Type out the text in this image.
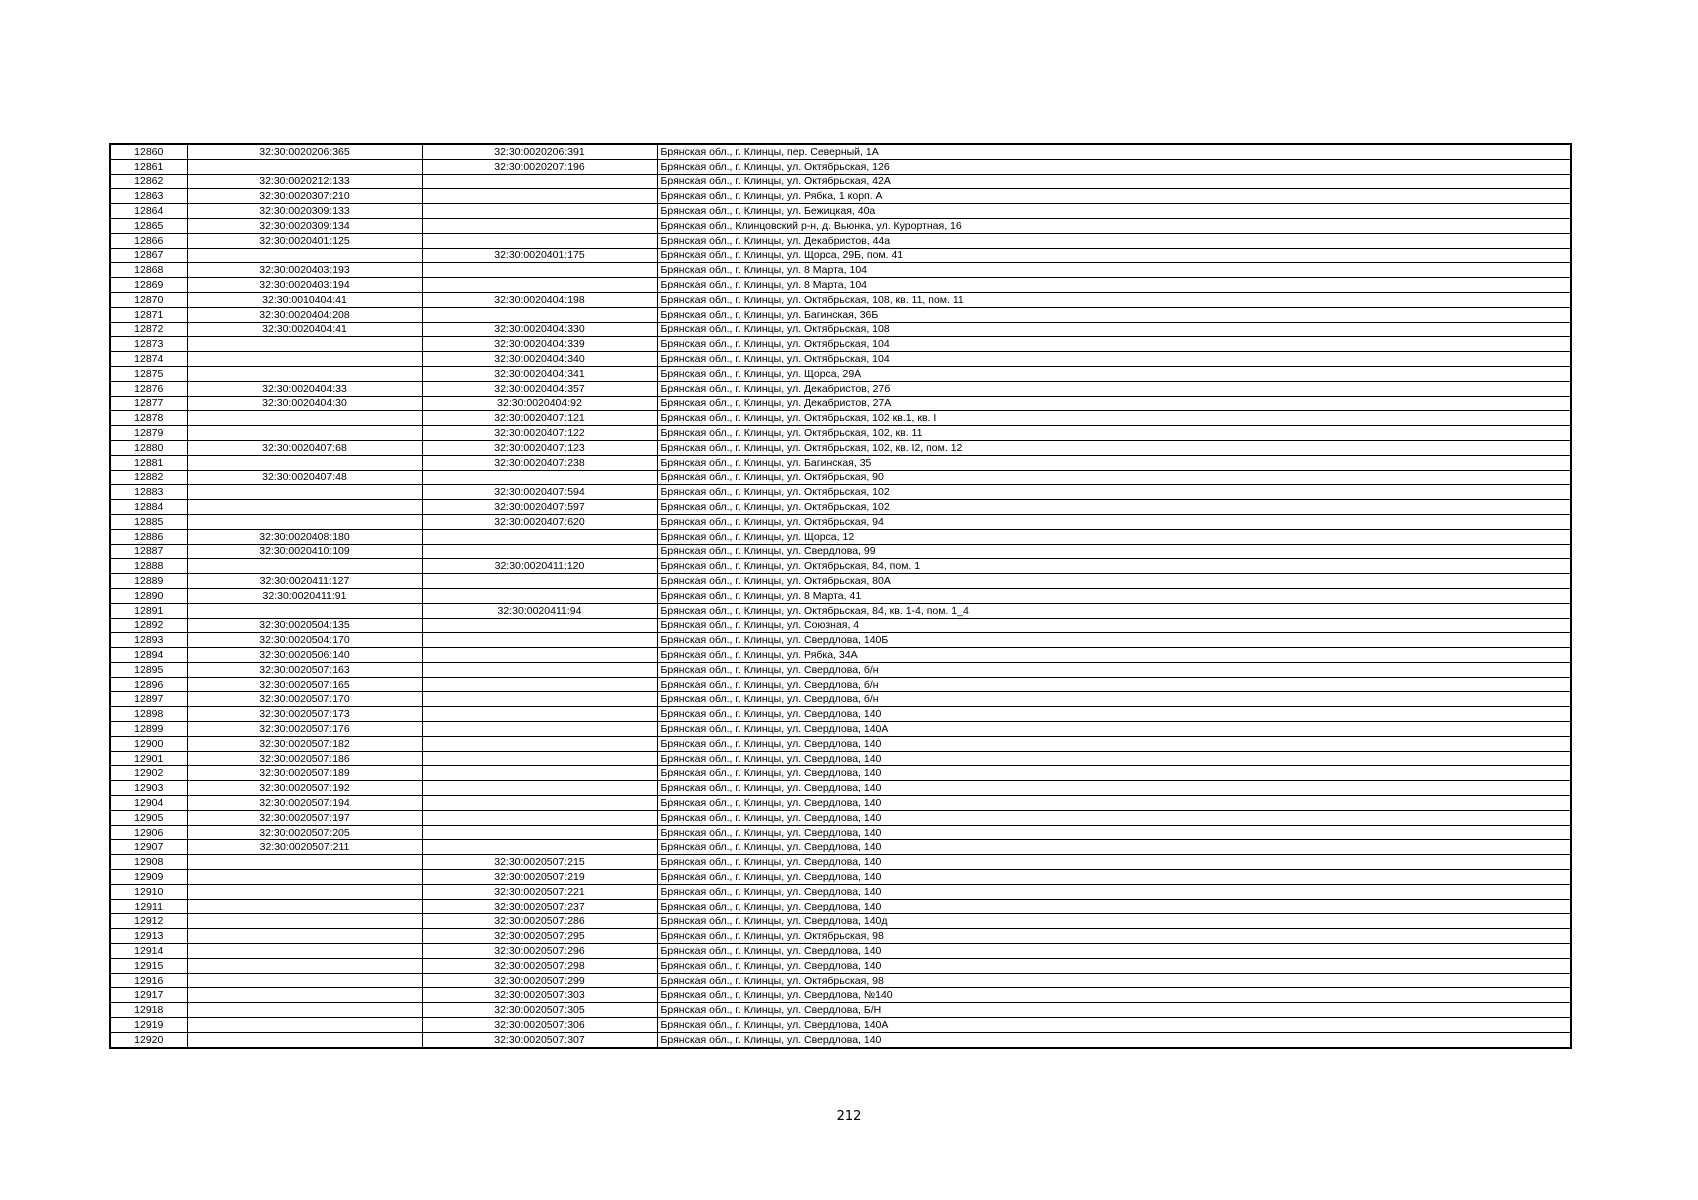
12860	32:30:0020206:365	32:30:0020206:391	Брянская обл., г. Клинцы, пер. Северный, 1А
12861		32:30:0020207:196	Брянская обл., г. Клинцы, ул. Октябрьская, 126
12862	32:30:0020212:133		Брянская обл., г. Клинцы, ул. Октябрьская, 42А
12863	32:30:0020307:210		Брянская обл., г. Клинцы, ул. Рябка, 1 корп. А
12864	32:30:0020309:133		Брянская обл., г. Клинцы, ул. Бежицкая, 40а
12865	32:30:0020309:134		Брянская обл., Клинцовский р-н, д. Вьюнка, ул. Курортная, 16
12866	32:30:0020401:125		Брянская обл., г. Клинцы, ул. Декабристов, 44а
12867		32:30:0020401:175	Брянская обл., г. Клинцы, ул. Щорса, 29Б, пом. 41
12868	32:30:0020403:193		Брянская обл., г. Клинцы, ул. 8 Марта, 104
12869	32:30:0020403:194		Брянская обл., г. Клинцы, ул. 8 Марта, 104
12870	32:30:0010404:41	32:30:0020404:198	Брянская обл., г. Клинцы, ул. Октябрьская, 108, кв. 11, пом. 11
12871	32:30:0020404:208		Брянская обл., г. Клинцы, ул. Багинская, 36Б
12872	32:30:0020404:41	32:30:0020404:330	Брянская обл., г. Клинцы, ул. Октябрьская, 108
12873		32:30:0020404:339	Брянская обл., г. Клинцы, ул. Октябрьская, 104
12874		32:30:0020404:340	Брянская обл., г. Клинцы, ул. Октябрьская, 104
12875		32:30:0020404:341	Брянская обл., г. Клинцы, ул. Щорса, 29А
12876	32:30:0020404:33	32:30:0020404:357	Брянская обл., г. Клинцы, ул. Декабристов, 27б
12877	32:30:0020404:30	32:30:0020404:92	Брянская обл., г. Клинцы, ул. Декабристов, 27А
12878		32:30:0020407:121	Брянская обл., г. Клинцы, ул. Октябрьская, 102 кв.1, кв. I
12879		32:30:0020407:122	Брянская обл., г. Клинцы, ул. Октябрьская, 102, кв. 11
12880	32:30:0020407:68	32:30:0020407:123	Брянская обл., г. Клинцы, ул. Октябрьская, 102, кв. I2, пом. 12
12881		32:30:0020407:238	Брянская обл., г. Клинцы, ул. Багинская, 35
12882	32:30:0020407:48		Брянская обл., г. Клинцы, ул. Октябрьская, 90
12883		32:30:0020407:594	Брянская обл., г. Клинцы, ул. Октябрьская, 102
12884		32:30:0020407:597	Брянская обл., г. Клинцы, ул. Октябрьская, 102
12885		32:30:0020407:620	Брянская обл., г. Клинцы, ул. Октябрьская, 94
12886	32:30:0020408:180		Брянская обл., г. Клинцы, ул. Щорса, 12
12887	32:30:0020410:109		Брянская обл., г. Клинцы, ул. Свердлова, 99
12888		32:30:0020411:120	Брянская обл., г. Клинцы, ул. Октябрьская, 84, пом. 1
12889	32:30:0020411:127		Брянская обл., г. Клинцы, ул. Октябрьская, 80А
12890	32:30:0020411:91		Брянская обл., г. Клинцы, ул. 8 Марта, 41
12891		32:30:0020411:94	Брянская обл., г. Клинцы, ул. Октябрьская, 84, кв. 1-4, пом. 1_4
12892	32:30:0020504:135		Брянская обл., г. Клинцы, ул. Союзная, 4
12893	32:30:0020504:170		Брянская обл., г. Клинцы, ул. Свердлова, 140Б
12894	32:30:0020506:140		Брянская обл., г. Клинцы, ул. Рябка, 34А
12895	32:30:0020507:163		Брянская обл., г. Клинцы, ул. Свердлова, б/н
12896	32:30:0020507:165		Брянская обл., г. Клинцы, ул. Свердлова, б/н
12897	32:30:0020507:170		Брянская обл., г. Клинцы, ул. Свердлова, б/н
12898	32:30:0020507:173		Брянская обл., г. Клинцы, ул. Свердлова, 140
12899	32:30:0020507:176		Брянская обл., г. Клинцы, ул. Свердлова, 140А
12900	32:30:0020507:182		Брянская обл., г. Клинцы, ул. Свердлова, 140
12901	32:30:0020507:186		Брянская обл., г. Клинцы, ул. Свердлова, 140
12902	32:30:0020507:189		Брянская обл., г. Клинцы, ул. Свердлова, 140
12903	32:30:0020507:192		Брянская обл., г. Клинцы, ул. Свердлова, 140
12904	32:30:0020507:194		Брянская обл., г. Клинцы, ул. Свердлова, 140
12905	32:30:0020507:197		Брянская обл., г. Клинцы, ул. Свердлова, 140
12906	32:30:0020507:205		Брянская обл., г. Клинцы, ул. Свердлова, 140
12907	32:30:0020507:211		Брянская обл., г. Клинцы, ул. Свердлова, 140
12908		32:30:0020507:215	Брянская обл., г. Клинцы, ул. Свердлова, 140
12909		32:30:0020507:219	Брянская обл., г. Клинцы, ул. Свердлова, 140
12910		32:30:0020507:221	Брянская обл., г. Клинцы, ул. Свердлова, 140
12911		32:30:0020507:237	Брянская обл., г. Клинцы, ул. Свердлова, 140
12912		32:30:0020507:286	Брянская обл., г. Клинцы, ул. Свердлова, 140д
12913		32:30:0020507:295	Брянская обл., г. Клинцы, ул. Октябрьская, 98
12914		32:30:0020507:296	Брянская обл., г. Клинцы, ул. Свердлова, 140
12915		32:30:0020507:298	Брянская обл., г. Клинцы, ул. Свердлова, 140
12916		32:30:0020507:299	Брянская обл., г. Клинцы, ул. Октябрьская, 98
12917		32:30:0020507:303	Брянская обл., г. Клинцы, ул. Свердлова, №140
12918		32:30:0020507:305	Брянская обл., г. Клинцы, ул. Свердлова, Б/Н
12919		32:30:0020507:306	Брянская обл., г. Клинцы, ул. Свердлова, 140А
12920		32:30:0020507:307	Брянская обл., г. Клинцы, ул. Свердлова, 140
212
